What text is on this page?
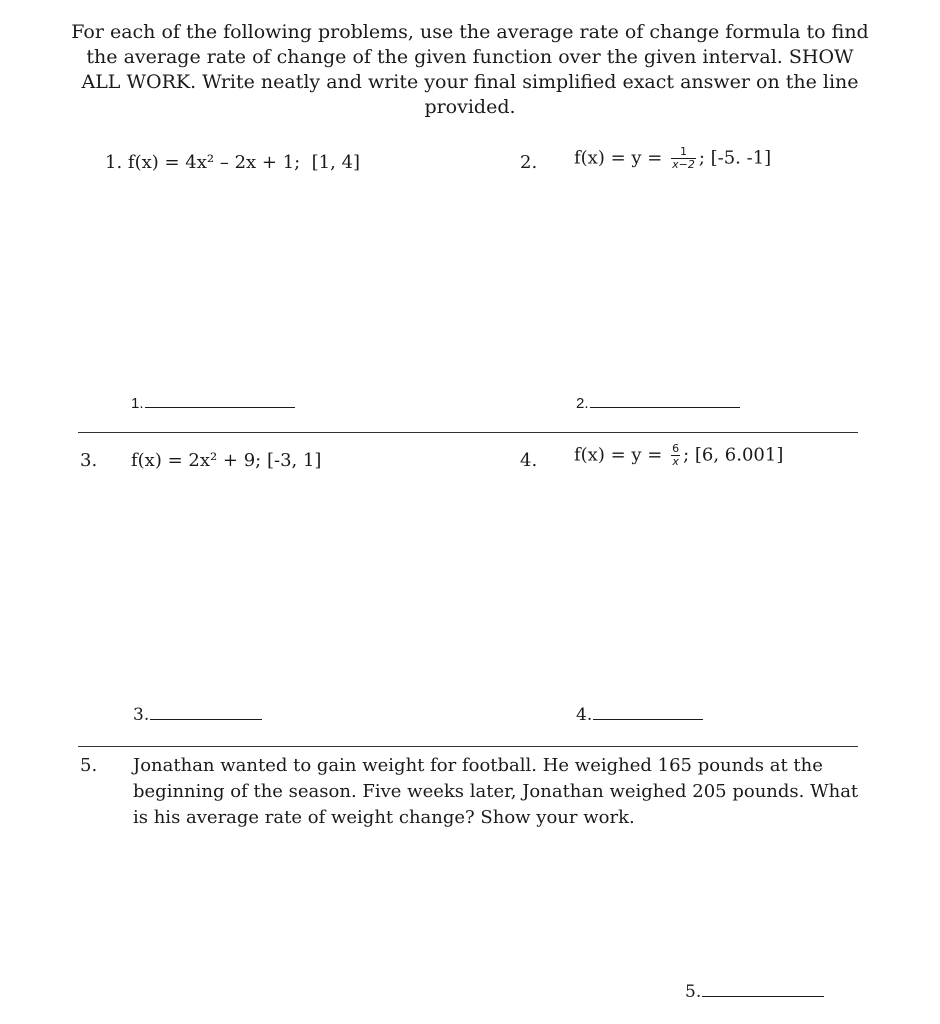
For each of the following problems, use the average rate of change formula to find the average rate of change of the given function over the given interval. SHOW ALL WORK. Write neatly and write your final simplified exact answer on the line provided.
1. f(x) = 4x² – 2x + 1;  [1, 4]	2. $f(x) = y = \frac{1}{x-2}$ ; [-5. -1]
1.	2.
3. f(x) = 2x² + 9; [-3, 1]	4. $f(x) = y = \frac{6}{x}$ ; [6, 6.001]
3.	4.
5. Jonathan wanted to gain weight for football. He weighed 165 pounds at the beginning of the season. Five weeks later, Jonathan weighed 205 pounds. What is his average rate of weight change? Show your work.
5.
